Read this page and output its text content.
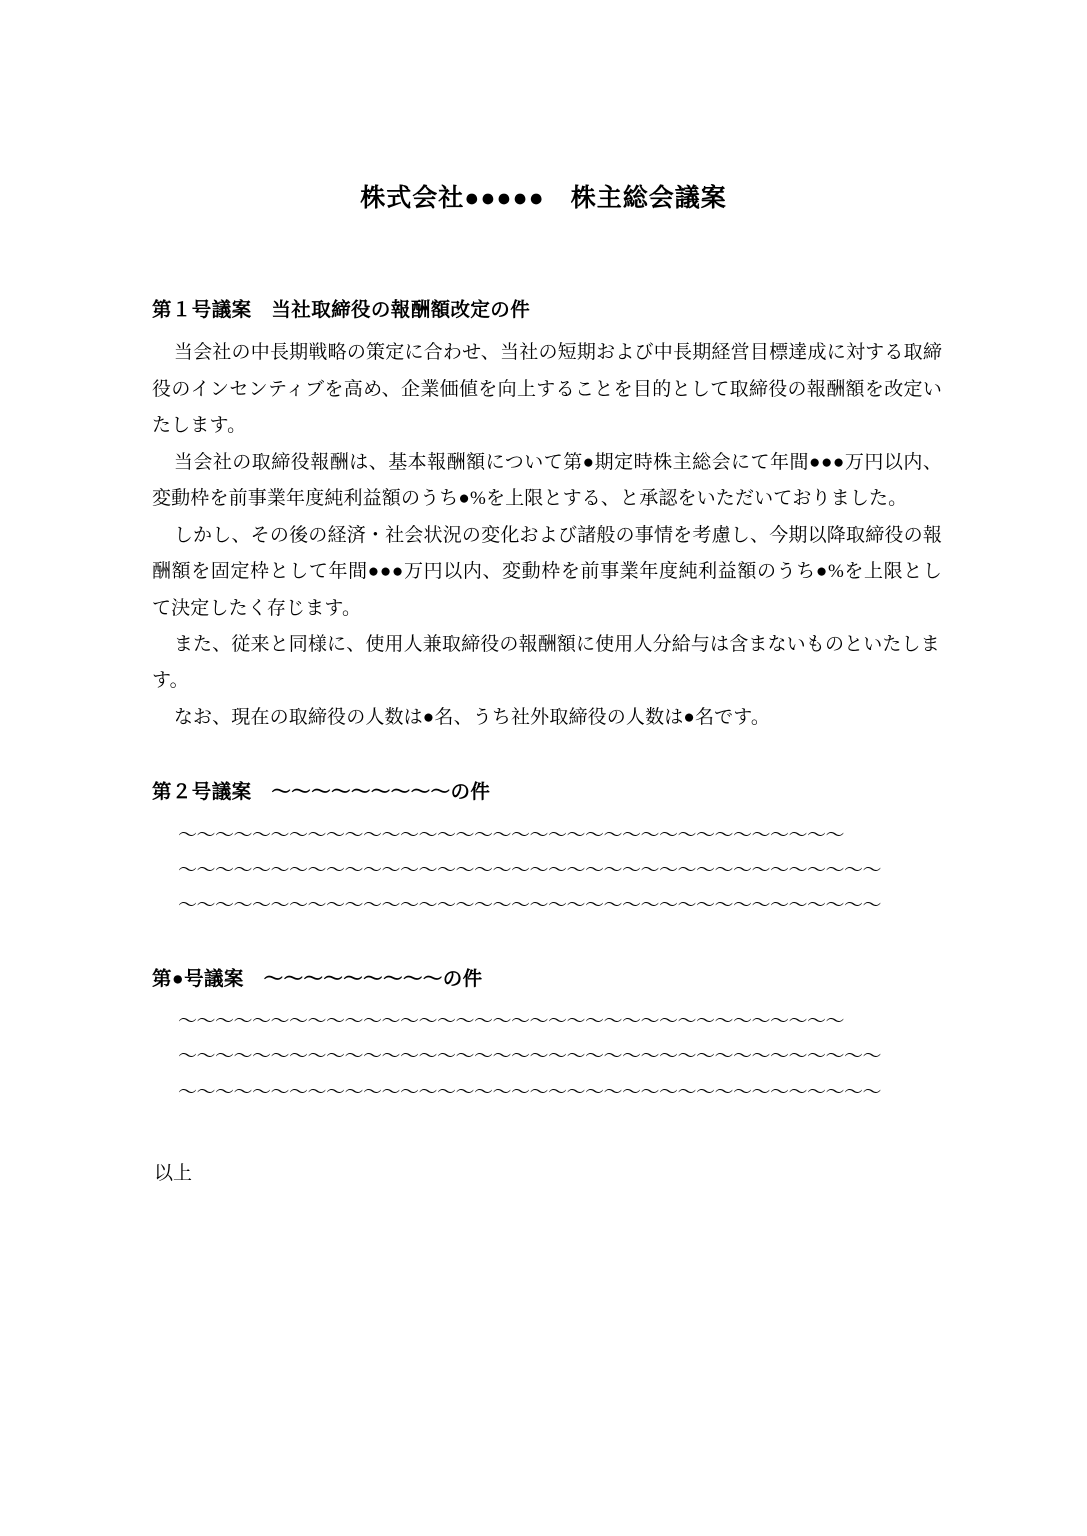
株式会社●●●●●　株主総会議案

第１号議案　当社取締役の報酬額改定の件

当会社の中長期戦略の策定に合わせ、当社の短期および中長期経営目標達成に対する取締役のインセンティブを高め、企業価値を向上することを目的として取締役の報酬額を改定いたします。

当会社の取締役報酬は、基本報酬額について第●期定時株主総会にて年間●●●万円以内、変動枠を前事業年度純利益額のうち●%を上限とする、と承認をいただいておりました。

しかし、その後の経済・社会状況の変化および諸般の事情を考慮し、今期以降取締役の報酬額を固定枠として年間●●●万円以内、変動枠を前事業年度純利益額のうち●%を上限として決定したく存じます。

また、従来と同様に、使用人兼取締役の報酬額に使用人分給与は含まないものといたします。

なお、現在の取締役の人数は●名、うち社外取締役の人数は●名です。

第２号議案　〜〜〜〜〜〜〜〜〜の件

〜〜〜〜〜〜〜〜〜〜〜〜〜〜〜〜〜〜〜〜〜〜〜〜〜〜〜〜〜〜〜〜〜〜〜〜
〜〜〜〜〜〜〜〜〜〜〜〜〜〜〜〜〜〜〜〜〜〜〜〜〜〜〜〜〜〜〜〜〜〜〜〜〜〜
〜〜〜〜〜〜〜〜〜〜〜〜〜〜〜〜〜〜〜〜〜〜〜〜〜〜〜〜〜〜〜〜〜〜〜〜〜〜

第●号議案　〜〜〜〜〜〜〜〜〜の件

〜〜〜〜〜〜〜〜〜〜〜〜〜〜〜〜〜〜〜〜〜〜〜〜〜〜〜〜〜〜〜〜〜〜〜〜
〜〜〜〜〜〜〜〜〜〜〜〜〜〜〜〜〜〜〜〜〜〜〜〜〜〜〜〜〜〜〜〜〜〜〜〜〜〜
〜〜〜〜〜〜〜〜〜〜〜〜〜〜〜〜〜〜〜〜〜〜〜〜〜〜〜〜〜〜〜〜〜〜〜〜〜〜
以上
